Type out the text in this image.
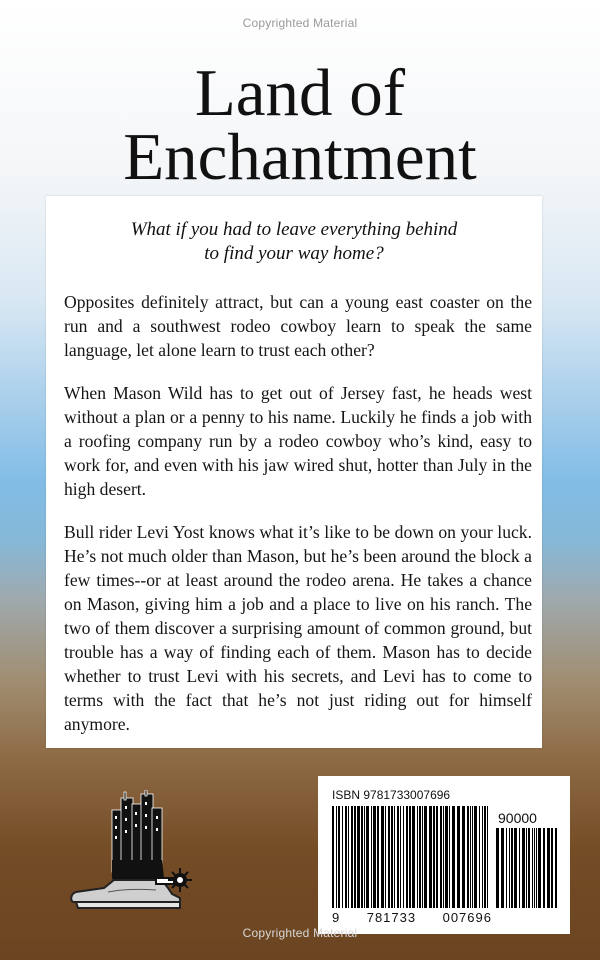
Copyrighted Material
Land of
Enchantment
What if you had to leave everything behind
to find your way home?

Opposites definitely attract, but can a young east coaster on the run and a southwest rodeo cowboy learn to speak the same language, let alone learn to trust each other?

When Mason Wild has to get out of Jersey fast, he heads west without a plan or a penny to his name. Luckily he finds a job with a roofing company run by a rodeo cowboy who’s kind, easy to work for, and even with his jaw wired shut, hotter than July in the high desert.

Bull rider Levi Yost knows what it’s like to be down on your luck. He’s not much older than Mason, but he’s been around the block a few times--or at least around the rodeo arena. He takes a chance on Mason, giving him a job and a place to live on his ranch. The two of them discover a surprising amount of common ground, but trouble has a way of finding each of them. Mason has to decide whether to trust Levi with his secrets, and Levi has to come to terms with the fact that he’s not just riding out for himself anymore.

ISBN 9781733007696
90000
9 781733 007696
Copyrighted Material
